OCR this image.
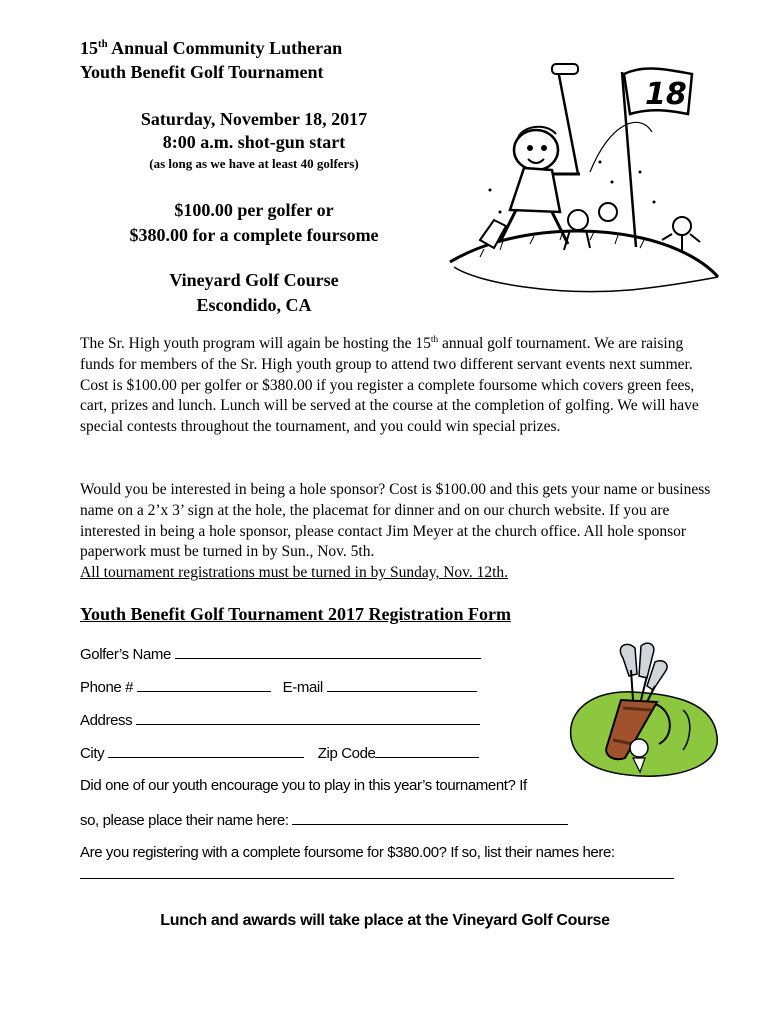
15th Annual Community Lutheran
Youth Benefit Golf Tournament
Saturday, November 18, 2017
8:00 a.m. shot-gun start
(as long as we have at least 40 golfers)
$100.00 per golfer or
$380.00 for a complete foursome
Vineyard Golf Course
Escondido, CA
18
The Sr. High youth program will again be hosting the 15th annual golf tournament. We are raising funds for members of the Sr. High youth group to attend two different servant events next summer. Cost is $100.00 per golfer or $380.00 if you register a complete foursome which covers green fees, cart, prizes and lunch. Lunch will be served at the course at the completion of golfing. We will have special contests throughout the tournament, and you could win special prizes.
Would you be interested in being a hole sponsor? Cost is $100.00 and this gets your name or business name on a 2’x 3’ sign at the hole, the placemat for dinner and on our church website. If you are interested in being a hole sponsor, please contact Jim Meyer at the church office. All hole sponsor paperwork must be turned in by Sun., Nov. 5th.
All tournament registrations must be turned in by Sunday, Nov. 12th.
Youth Benefit Golf Tournament 2017 Registration Form
Golfer’s Name
Phone #	E-mail
Address
City	Zip Code
Did one of our youth encourage you to play in this year’s tournament? If
so, please place their name here:
Are you registering with a complete foursome for $380.00? If so, list their names here:
Lunch and awards will take place at the Vineyard Golf Course
